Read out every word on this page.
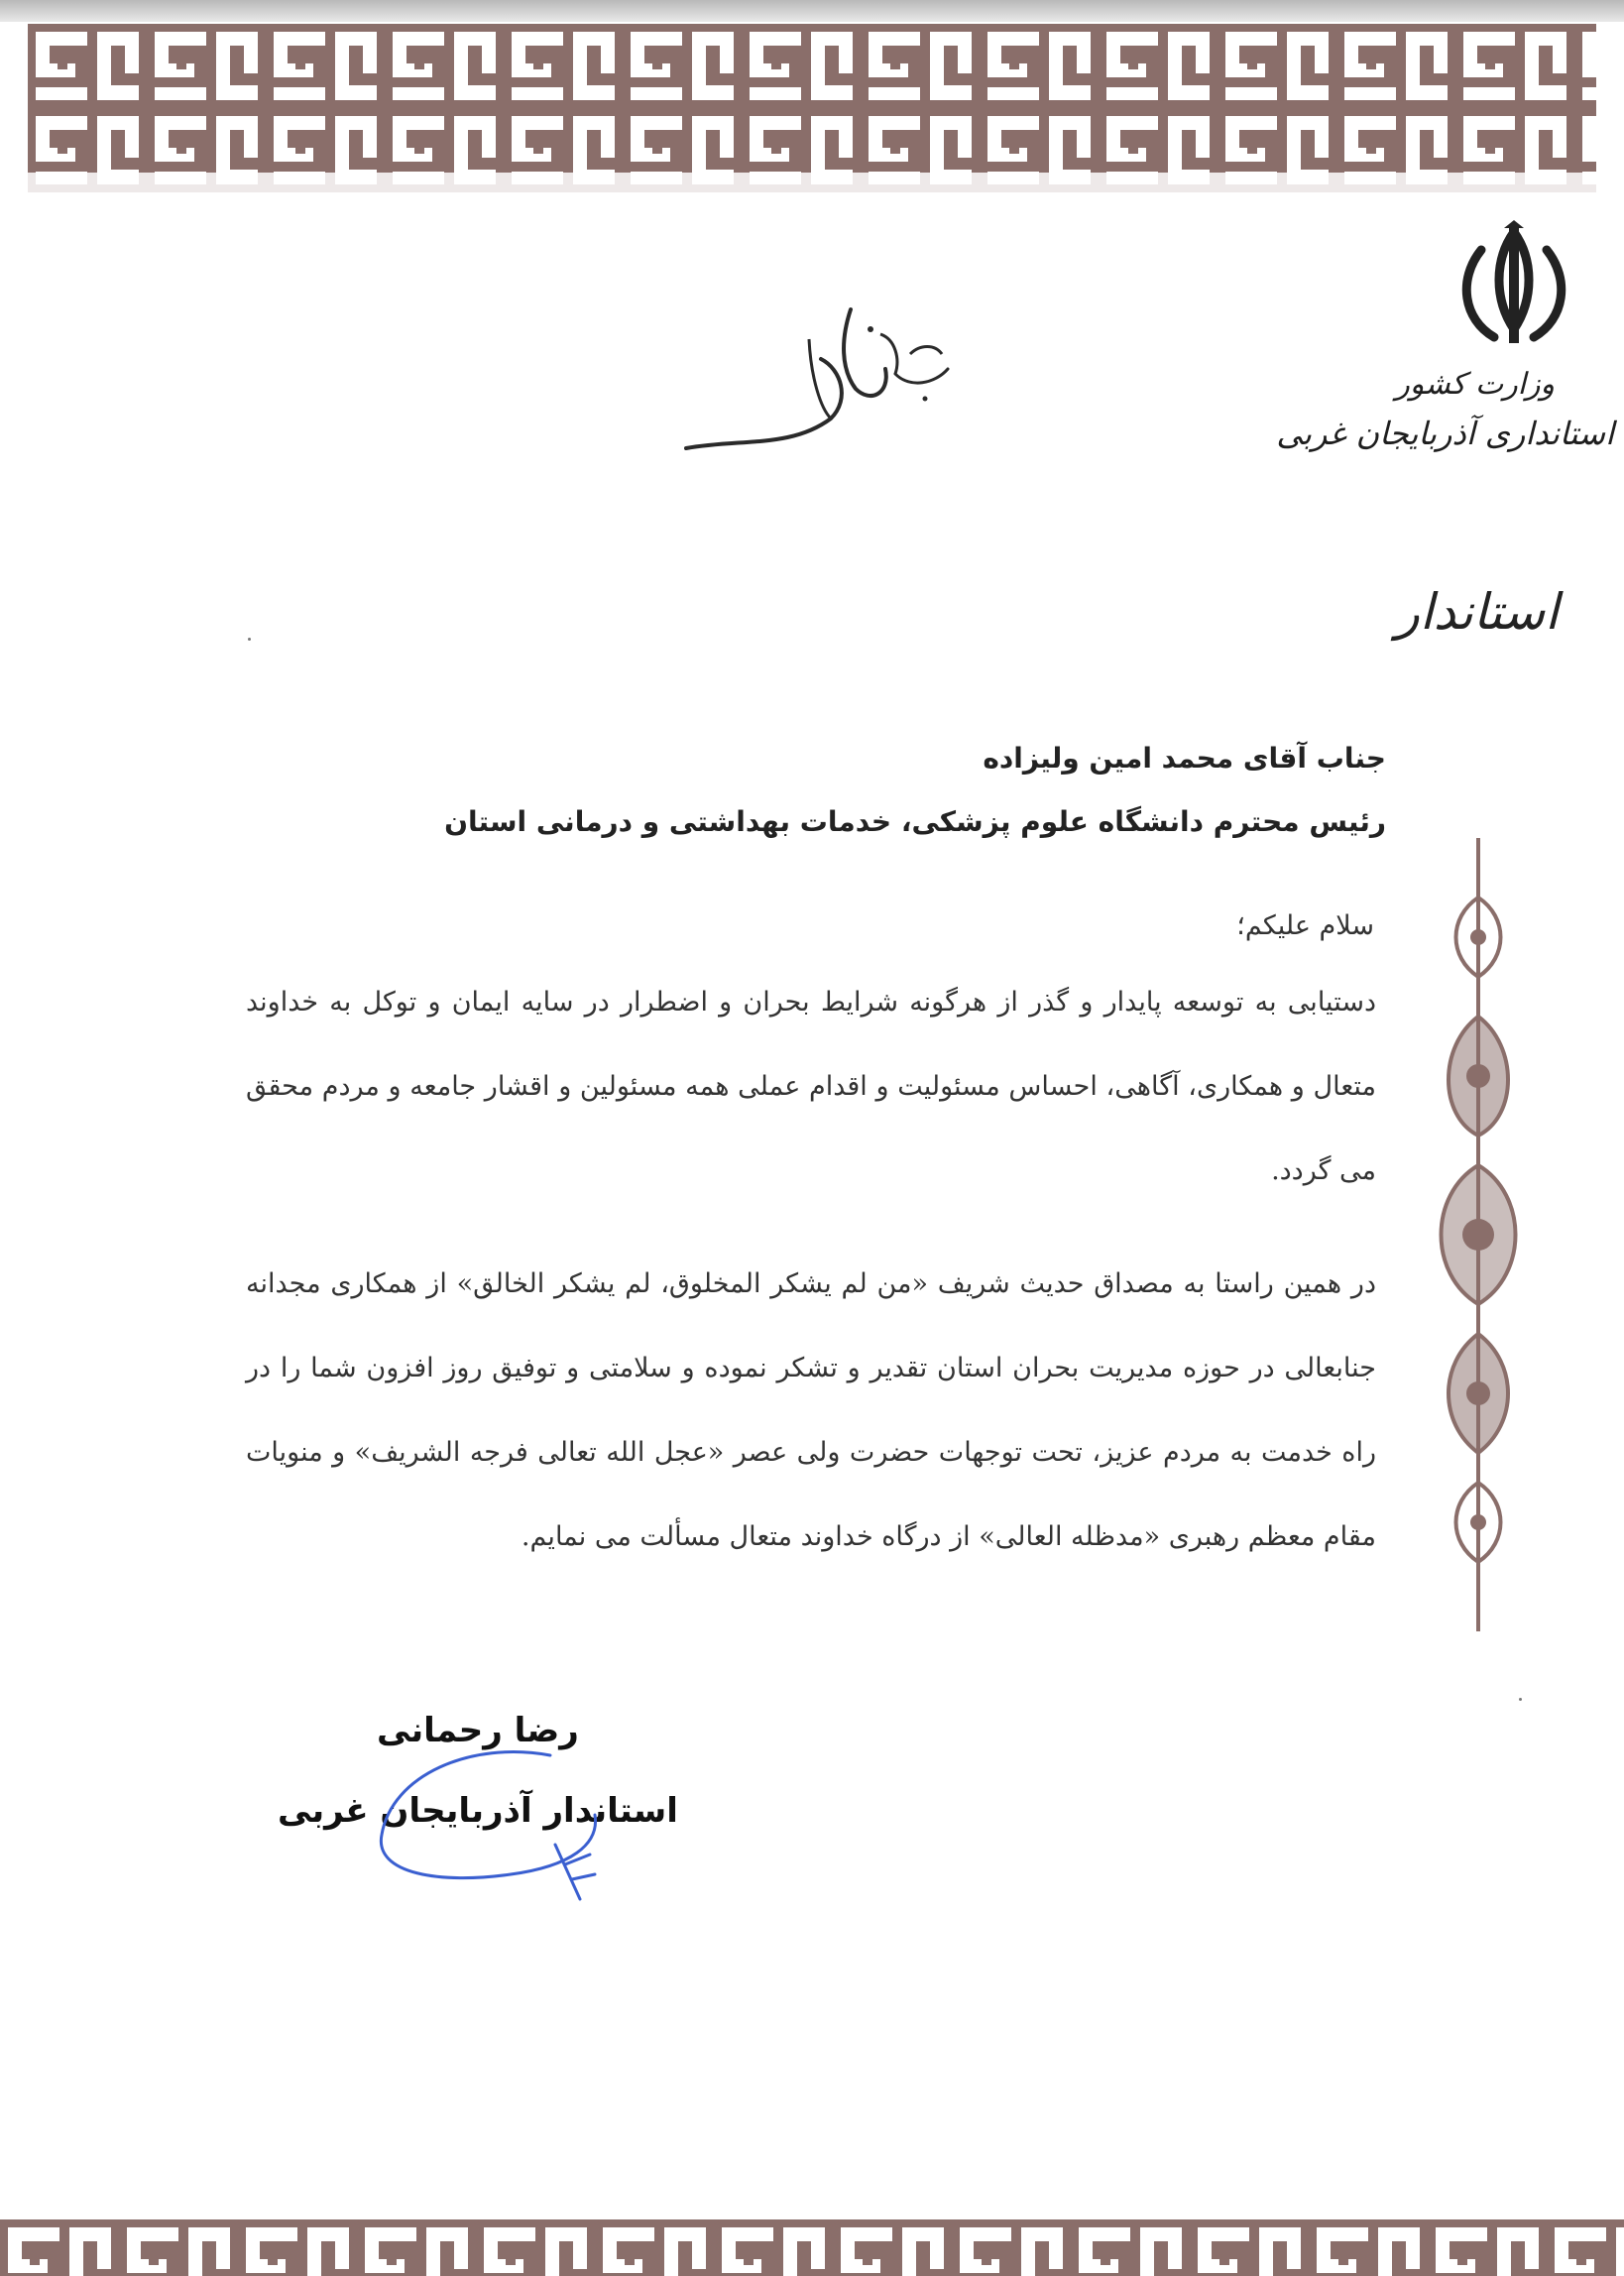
وزارت کشور
استانداری آذربایجان غربی
استاندار
جناب آقای محمد امین ولیزاده
رئیس محترم دانشگاه علوم پزشکی، خدمات بهداشتی و درمانی استان
سلام علیکم؛
دستیابی به توسعه پایدار و گذر از هرگونه شرایط بحران و اضطرار در سایه ایمان و توکل به خداوند متعال و همکاری، آگاهی، احساس مسئولیت و اقدام عملی همه مسئولین و اقشار جامعه و مردم محقق می گردد.
در همین راستا به مصداق حدیث شریف «من لم یشکر المخلوق، لم یشکر الخالق» از همکاری مجدانه جنابعالی در حوزه مدیریت بحران استان تقدیر و تشکر نموده و سلامتی و توفیق روز افزون شما را در راه خدمت به مردم عزیز، تحت توجهات حضرت ولی عصر «عجل الله تعالی فرجه الشریف» و منویات مقام معظم رهبری «مدظله العالی» از درگاه خداوند متعال مسألت می نمایم.
رضا رحمانی
استاندار آذربایجان غربی
